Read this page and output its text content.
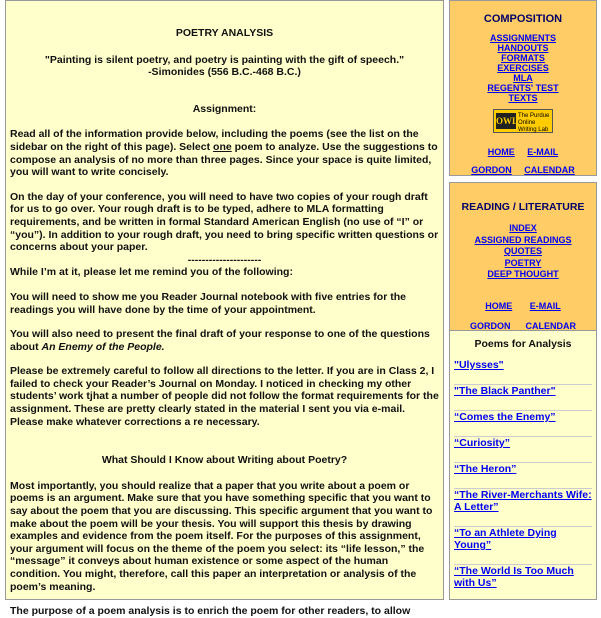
POETRY ANALYSIS
"Painting is silent poetry, and poetry is painting with the gift of speech."
-Simonides (556 B.C.-468 B.C.)
Assignment:

Read all of the information provide below, including the poems (see the list on the sidebar on the right of this page). Select one poem to analyze. Use the suggestions to compose an analysis of no more than three pages. Since your space is quite limited, you will want to write concisely.

On the day of your conference, you will need to have two copies of your rough draft for us to go over. Your rough draft is to be typed, adhere to MLA formatting requirements, and be written in formal Standard American English (no use of “I” or “you”). In addition to your rough draft, you need to bring specific written questions or concerns about your paper.

---------------------

While I’m at it, please let me remind you of the following:

You will need to show me you Reader Journal notebook with five entries for the readings you will have done by the time of your appointment.

You will also need to present the final draft of your response to one of the questions about An Enemy of the People.

Please be extremely careful to follow all directions to the letter. If you are in Class 2, I failed to check your Reader’s Journal on Monday. I noticed in checking my other students’ work tjhat a number of people did not follow the format requirements for the assignment. These are pretty clearly stated in the material I sent you via e-mail. Please make whatever corrections a re necessary.

What Should I Know about Writing about Poetry?

Most importantly, you should realize that a paper that you write about a poem or poems is an argument. Make sure that you have something specific that you want to say about the poem that you are discussing. This specific argument that you want to make about the poem will be your thesis. You will support this thesis by drawing examples and evidence from the poem itself. For the purposes of this assignment, your argument will focus on the theme of the poem you select: its “life lesson,” the “message” it conveys about human existence or some aspect of the human condition. You might, therefore, call this paper an interpretation or analysis of the poem’s meaning.

The purpose of a poem analysis is to enrich the poem for other readers, to allow

COMPOSITION
ASSIGNMENTS
HANDOUTS
FORMATS
EXERCISES
MLA
REGENTS' TEST
TEXTS
OWL The Purdue Online Writing Lab
HOME E-MAIL
GORDON CALENDAR
READING / LITERATURE
INDEX
ASSIGNED READINGS
QUOTES
POETRY
DEEP THOUGHT
HOME E-MAIL
GORDON CALENDAR
Poems for Analysis
"Ulysses"
"The Black Panther"
“Comes the Enemy”
“Curiosity”
“The Heron”
“The River-Merchants Wife: A Letter”
“To an Athlete Dying Young”
“The World Is Too Much with Us”
